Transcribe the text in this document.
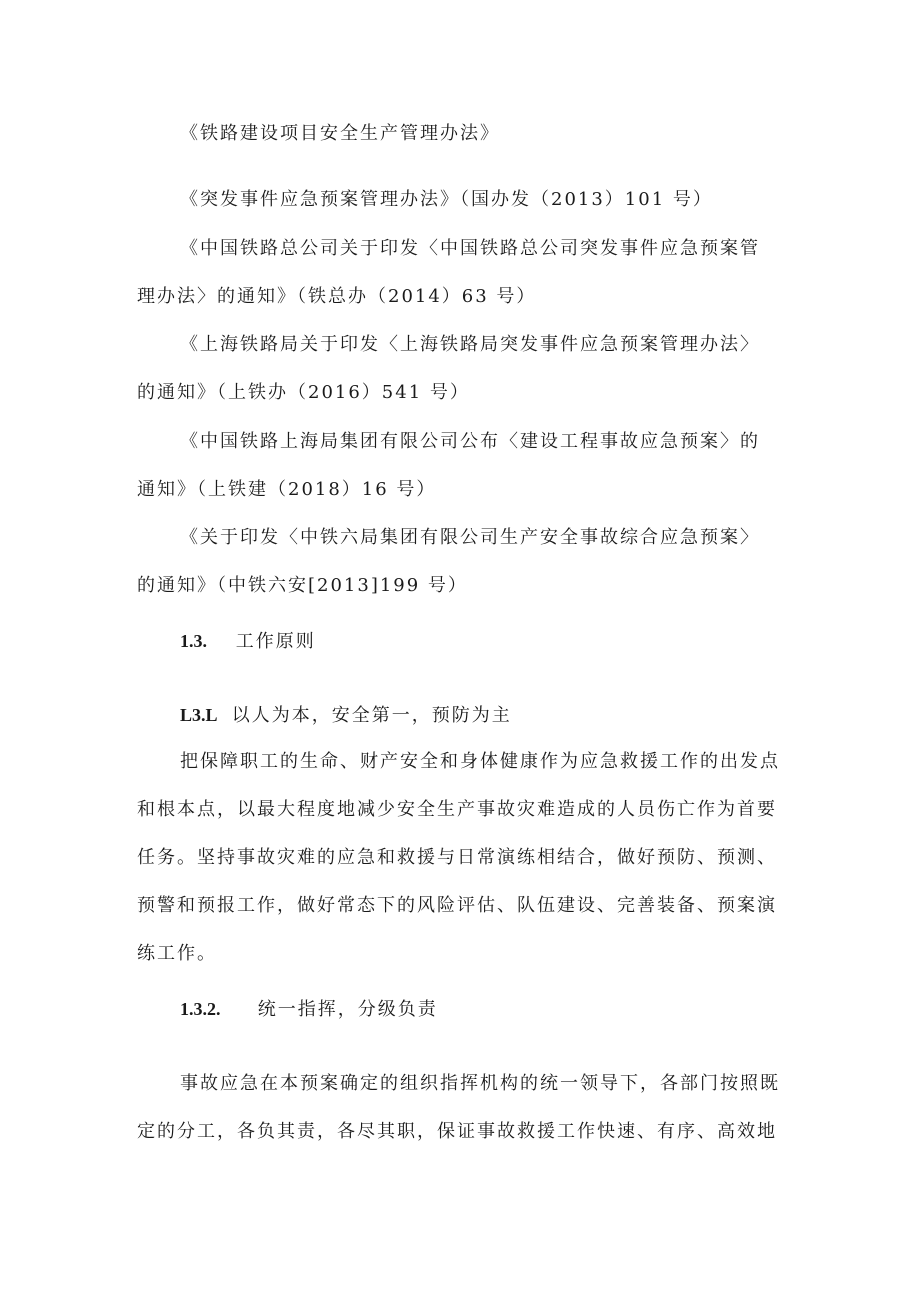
《铁路建设项目安全生产管理办法》
《突发事件应急预案管理办法》（国办发（2013）101 号）
《中国铁路总公司关于印发〈中国铁路总公司突发事件应急预案管
理办法〉的通知》（铁总办（2014）63 号）
《上海铁路局关于印发〈上海铁路局突发事件应急预案管理办法〉
的通知》（上铁办（2016）541 号）
《中国铁路上海局集团有限公司公布〈建设工程事故应急预案〉的
通知》（上铁建（2018）16 号）
《关于印发〈中铁六局集团有限公司生产安全事故综合应急预案〉
的通知》（中铁六安[2013]199 号）
1.3. 工作原则
L3.L 以人为本，安全第一，预防为主
把保障职工的生命、财产安全和身体健康作为应急救援工作的出发点
和根本点，以最大程度地减少安全生产事故灾难造成的人员伤亡作为首要
任务。坚持事故灾难的应急和救援与日常演练相结合，做好预防、预测、
预警和预报工作，做好常态下的风险评估、队伍建设、完善装备、预案演
练工作。
1.3.2. 统一指挥，分级负责
事故应急在本预案确定的组织指挥机构的统一领导下，各部门按照既
定的分工，各负其责，各尽其职，保证事故救援工作快速、有序、高效地
